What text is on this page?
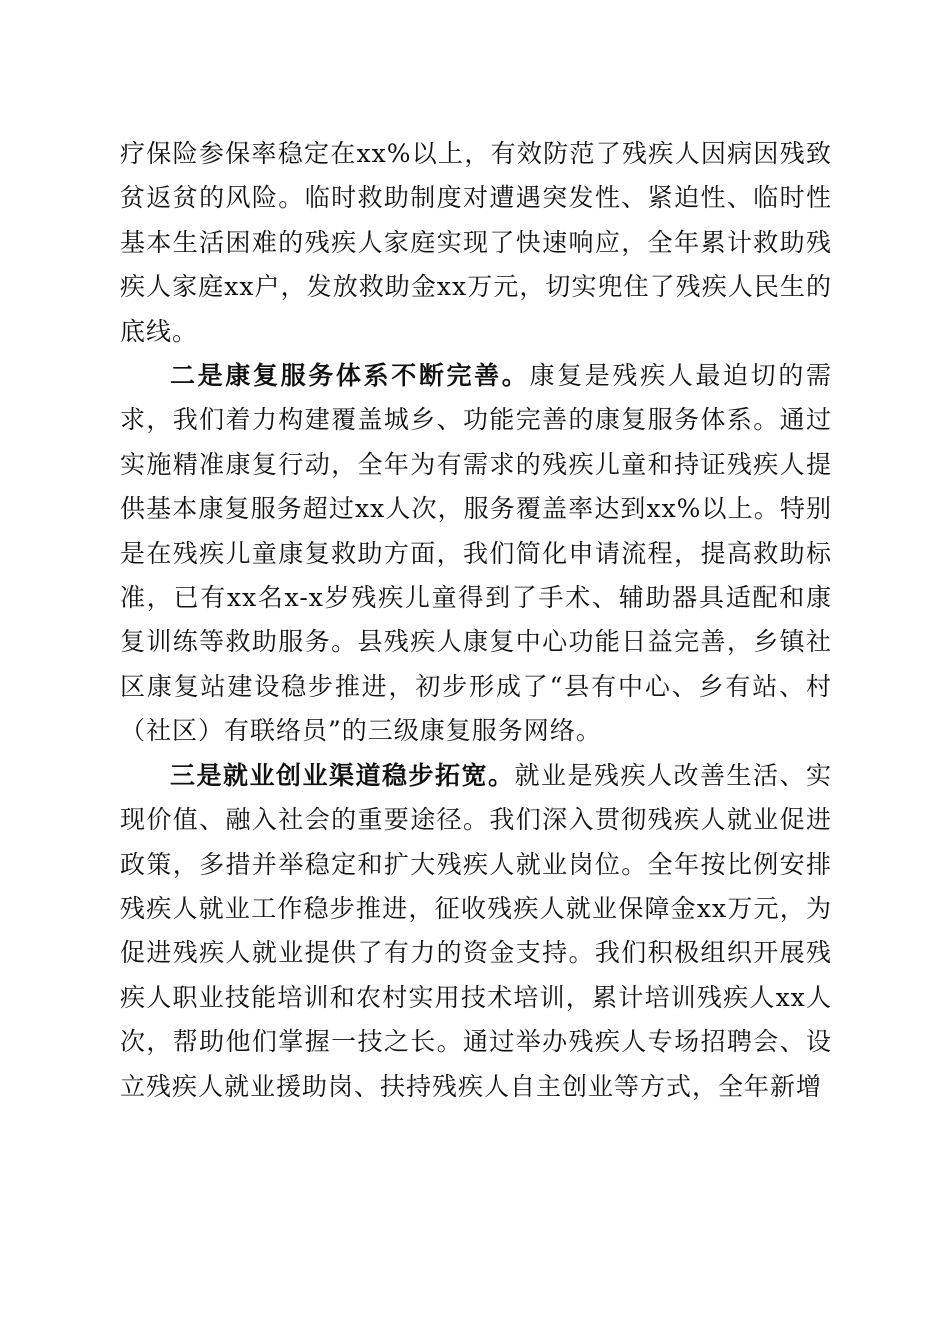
疗保险参保率稳定在xx%以上，有效防范了残疾人因病因残致贫返贫的风险。临时救助制度对遭遇突发性、紧迫性、临时性基本生活困难的残疾人家庭实现了快速响应，全年累计救助残疾人家庭xx户，发放救助金xx万元，切实兜住了残疾人民生的底线。

二是康复服务体系不断完善。康复是残疾人最迫切的需求，我们着力构建覆盖城乡、功能完善的康复服务体系。通过实施精准康复行动，全年为有需求的残疾儿童和持证残疾人提供基本康复服务超过xx人次，服务覆盖率达到xx%以上。特别是在残疾儿童康复救助方面，我们简化申请流程，提高救助标准，已有xx名x-x岁残疾儿童得到了手术、辅助器具适配和康复训练等救助服务。县残疾人康复中心功能日益完善，乡镇社区康复站建设稳步推进，初步形成了“县有中心、乡有站、村（社区）有联络员”的三级康复服务网络。

三是就业创业渠道稳步拓宽。就业是残疾人改善生活、实现价值、融入社会的重要途径。我们深入贯彻残疾人就业促进政策，多措并举稳定和扩大残疾人就业岗位。全年按比例安排残疾人就业工作稳步推进，征收残疾人就业保障金xx万元，为促进残疾人就业提供了有力的资金支持。我们积极组织开展残疾人职业技能培训和农村实用技术培训，累计培训残疾人xx人次，帮助他们掌握一技之长。通过举办残疾人专场招聘会、设立残疾人就业援助岗、扶持残疾人自主创业等方式，全年新增
